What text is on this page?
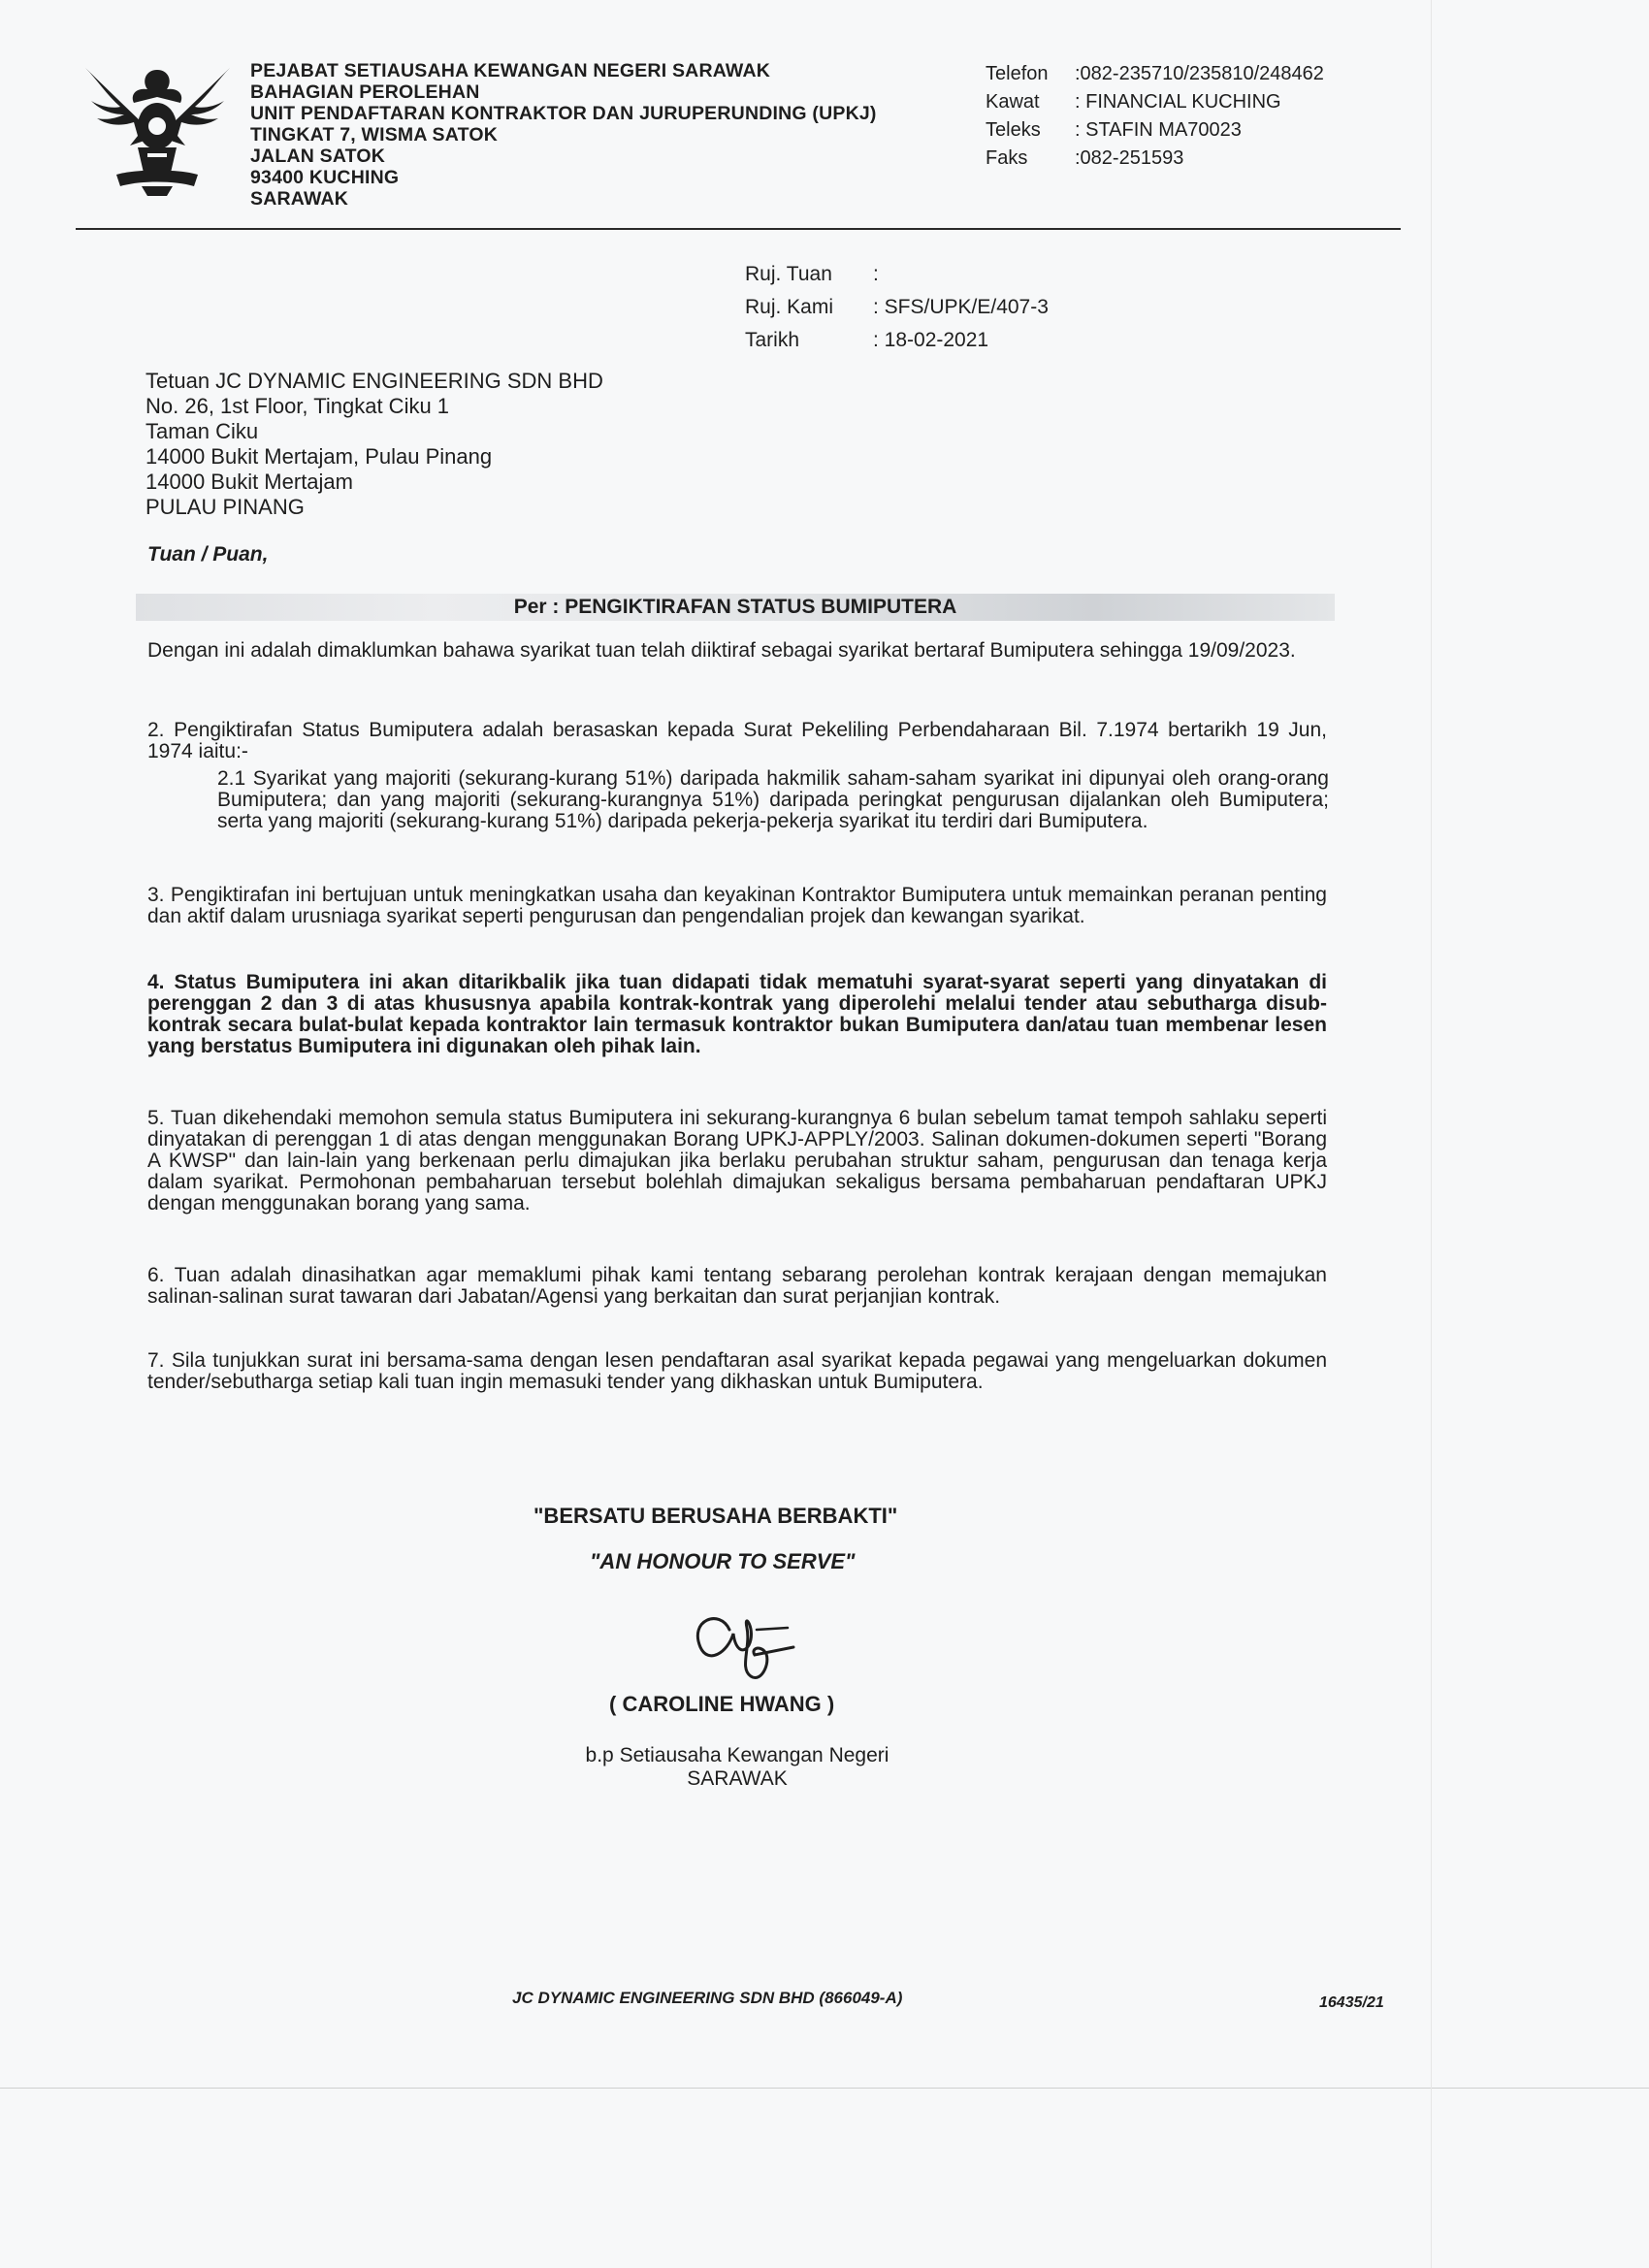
PEJABAT SETIAUSAHA KEWANGAN NEGERI SARAWAK
BAHAGIAN PEROLEHAN
UNIT PENDAFTARAN KONTRAKTOR DAN JURUPERUNDING (UPKJ)
TINGKAT 7, WISMA SATOK
JALAN SATOK
93400 KUCHING
SARAWAK
Telefon	:082-235710/235810/248462
Kawat	: FINANCIAL KUCHING
Teleks	: STAFIN MA70023
Faks	:082-251593
Ruj. Tuan	:
Ruj. Kami	: SFS/UPK/E/407-3
Tarikh	: 18-02-2021
Tetuan JC DYNAMIC ENGINEERING SDN BHD
No. 26, 1st Floor, Tingkat Ciku 1
Taman Ciku
14000 Bukit Mertajam, Pulau Pinang
14000 Bukit Mertajam
PULAU PINANG
Tuan / Puan,
Per : PENGIKTIRAFAN STATUS BUMIPUTERA
Dengan ini adalah dimaklumkan bahawa syarikat tuan telah diiktiraf sebagai syarikat bertaraf Bumiputera sehingga 19/09/2023.
2. Pengiktirafan Status Bumiputera adalah berasaskan kepada Surat Pekeliling Perbendaharaan Bil. 7.1974 bertarikh 19 Jun, 1974 iaitu:-
2.1 Syarikat yang majoriti (sekurang-kurang 51%) daripada hakmilik saham-saham syarikat ini dipunyai oleh orang-orang Bumiputera; dan yang majoriti (sekurang-kurangnya 51%) daripada peringkat pengurusan dijalankan oleh Bumiputera; serta yang majoriti (sekurang-kurang 51%) daripada pekerja-pekerja syarikat itu terdiri dari Bumiputera.
3. Pengiktirafan ini bertujuan untuk meningkatkan usaha dan keyakinan Kontraktor Bumiputera untuk memainkan peranan penting dan aktif dalam urusniaga syarikat seperti pengurusan dan pengendalian projek dan kewangan syarikat.
4. Status Bumiputera ini akan ditarikbalik jika tuan didapati tidak mematuhi syarat-syarat seperti yang dinyatakan di perenggan 2 dan 3 di atas khususnya apabila kontrak-kontrak yang diperolehi melalui tender atau sebutharga disub-kontrak secara bulat-bulat kepada kontraktor lain termasuk kontraktor bukan Bumiputera dan/atau tuan membenar lesen yang berstatus Bumiputera ini digunakan oleh pihak lain.
5. Tuan dikehendaki memohon semula status Bumiputera ini sekurang-kurangnya 6 bulan sebelum tamat tempoh sahlaku seperti dinyatakan di perenggan 1 di atas dengan menggunakan Borang UPKJ-APPLY/2003. Salinan dokumen-dokumen seperti "Borang A KWSP" dan lain-lain yang berkenaan perlu dimajukan jika berlaku perubahan struktur saham, pengurusan dan tenaga kerja dalam syarikat. Permohonan pembaharuan tersebut bolehlah dimajukan sekaligus bersama pembaharuan pendaftaran UPKJ dengan menggunakan borang yang sama.
6. Tuan adalah dinasihatkan agar memaklumi pihak kami tentang sebarang perolehan kontrak kerajaan dengan memajukan salinan-salinan surat tawaran dari Jabatan/Agensi yang berkaitan dan surat perjanjian kontrak.
7. Sila tunjukkan surat ini bersama-sama dengan lesen pendaftaran asal syarikat kepada pegawai yang mengeluarkan dokumen tender/sebutharga setiap kali tuan ingin memasuki tender yang dikhaskan untuk Bumiputera.
"BERSATU BERUSAHA BERBAKTI"
"AN HONOUR TO SERVE"
( CAROLINE HWANG )
b.p Setiausaha Kewangan Negeri
SARAWAK
JC DYNAMIC ENGINEERING SDN BHD (866049-A)	16435/21
